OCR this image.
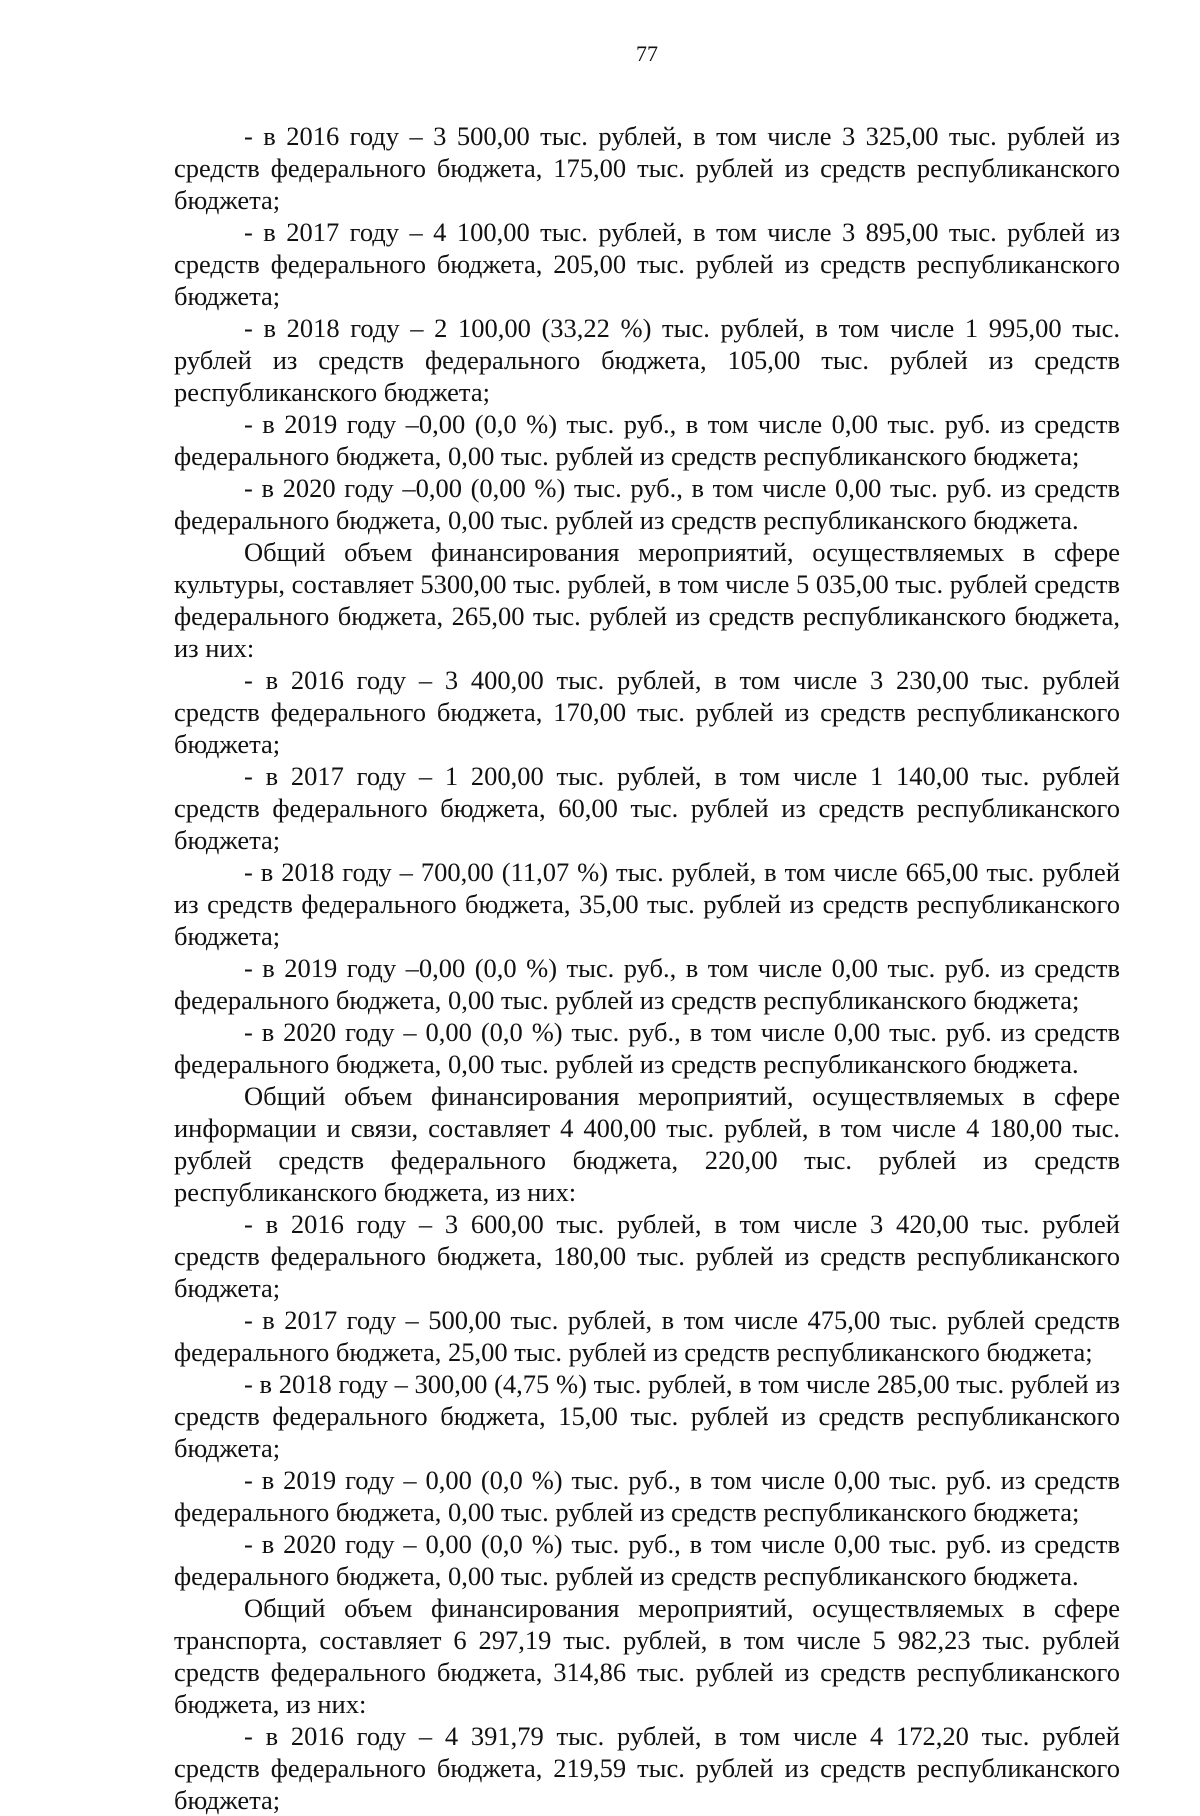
77

- в 2016 году – 3 500,00 тыс. рублей, в том числе 3 325,00 тыс. рублей из средств федерального бюджета, 175,00 тыс. рублей из средств республиканского бюджета;

- в 2017 году – 4 100,00 тыс. рублей, в том числе 3 895,00 тыс. рублей из средств федерального бюджета, 205,00 тыс. рублей из средств республиканского бюджета;

- в 2018 году – 2 100,00 (33,22 %) тыс. рублей, в том числе 1 995,00 тыс. рублей из средств федерального бюджета, 105,00 тыс. рублей из средств республиканского бюджета;

- в 2019 году –0,00 (0,0 %) тыс. руб., в том числе 0,00 тыс. руб. из средств федерального бюджета, 0,00 тыс. рублей из средств республиканского бюджета;

- в 2020 году –0,00 (0,00 %) тыс. руб., в том числе 0,00 тыс. руб. из средств федерального бюджета, 0,00 тыс. рублей из средств республиканского бюджета.

Общий объем финансирования мероприятий, осуществляемых в сфере культуры, составляет 5300,00 тыс. рублей, в том числе 5 035,00 тыс. рублей средств федерального бюджета, 265,00 тыс. рублей из средств республиканского бюджета, из них:

- в 2016 году – 3 400,00 тыс. рублей, в том числе 3 230,00 тыс. рублей средств федерального бюджета, 170,00 тыс. рублей из средств республиканского бюджета;

- в 2017 году – 1 200,00 тыс. рублей, в том числе 1 140,00 тыс. рублей средств федерального бюджета, 60,00 тыс. рублей из средств республиканского бюджета;

- в 2018 году – 700,00 (11,07 %) тыс. рублей, в том числе 665,00 тыс. рублей из средств федерального бюджета, 35,00 тыс. рублей из средств республиканского бюджета;

- в 2019 году –0,00 (0,0 %) тыс. руб., в том числе 0,00 тыс. руб. из средств федерального бюджета, 0,00 тыс. рублей из средств республиканского бюджета;

- в 2020 году – 0,00 (0,0 %) тыс. руб., в том числе 0,00 тыс. руб. из средств федерального бюджета, 0,00 тыс. рублей из средств республиканского бюджета.

Общий объем финансирования мероприятий, осуществляемых в сфере информации и связи, составляет 4 400,00 тыс. рублей, в том числе 4 180,00 тыс. рублей средств федерального бюджета, 220,00 тыс. рублей из средств республиканского бюджета, из них:

- в 2016 году – 3 600,00 тыс. рублей, в том числе 3 420,00 тыс. рублей средств федерального бюджета, 180,00 тыс. рублей из средств республиканского бюджета;

- в 2017 году – 500,00 тыс. рублей, в том числе 475,00 тыс. рублей средств федерального бюджета, 25,00 тыс. рублей из средств республиканского бюджета;

- в 2018 году – 300,00 (4,75 %) тыс. рублей, в том числе 285,00 тыс. рублей из средств федерального бюджета, 15,00 тыс. рублей из средств республиканского бюджета;

- в 2019 году – 0,00 (0,0 %) тыс. руб., в том числе 0,00 тыс. руб. из средств федерального бюджета, 0,00 тыс. рублей из средств республиканского бюджета;

- в 2020 году – 0,00 (0,0 %) тыс. руб., в том числе 0,00 тыс. руб. из средств федерального бюджета, 0,00 тыс. рублей из средств республиканского бюджета.

Общий объем финансирования мероприятий, осуществляемых в сфере транспорта, составляет 6 297,19 тыс. рублей, в том числе 5 982,23 тыс. рублей средств федерального бюджета, 314,86 тыс. рублей из средств республиканского бюджета, из них:

- в 2016 году – 4 391,79 тыс. рублей, в том числе 4 172,20 тыс. рублей средств федерального бюджета, 219,59 тыс. рублей из средств республиканского бюджета;
